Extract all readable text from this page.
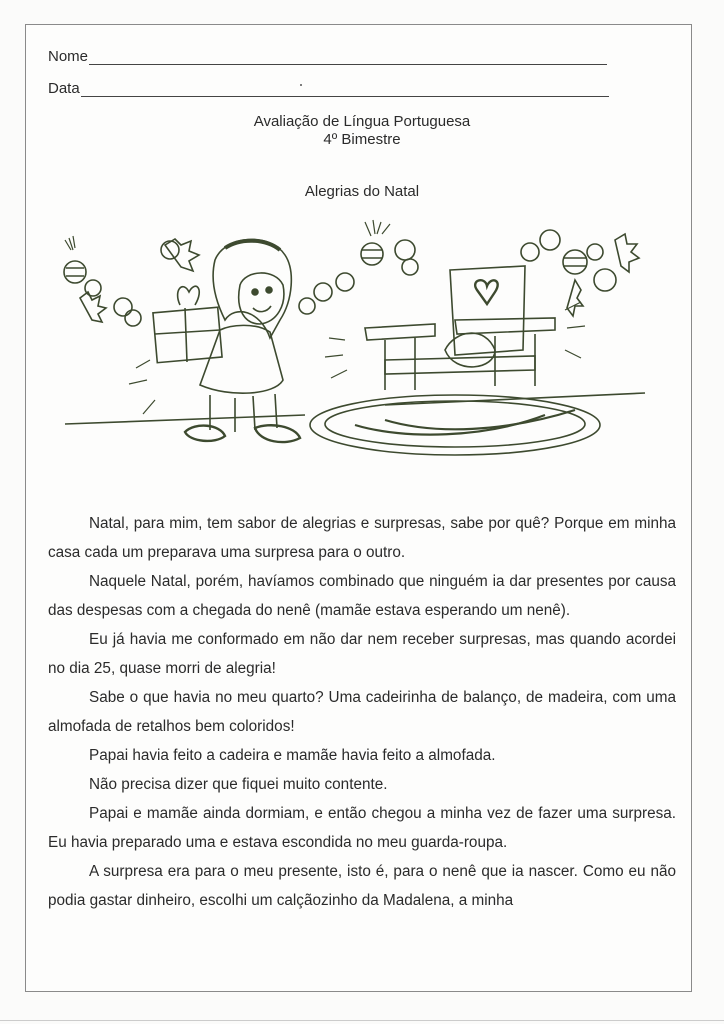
Nome
Data
Avaliação de Língua Portuguesa
4º Bimestre
Alegrias do Natal

Natal, para mim, tem sabor de alegrias e surpresas, sabe por quê? Porque em minha casa cada um preparava uma surpresa para o outro.

Naquele Natal, porém, havíamos combinado que ninguém ia dar presentes por causa das despesas com a chegada do nenê (mamãe estava esperando um nenê).

Eu já havia me conformado em não dar nem receber surpresas, mas quando acordei no dia 25, quase morri de alegria!

Sabe o que havia no meu quarto? Uma cadeirinha de balanço, de madeira, com uma almofada de retalhos bem coloridos!

Papai havia feito a cadeira e mamãe havia feito a almofada.

Não precisa dizer que fiquei muito contente.

Papai e mamãe ainda dormiam, e então chegou a minha vez de fazer uma surpresa. Eu havia preparado uma e estava escondida no meu guarda-roupa.

A surpresa era para o meu presente, isto é, para o nenê que ia nascer. Como eu não podia gastar dinheiro, escolhi um calçãozinho da Madalena, a minha
